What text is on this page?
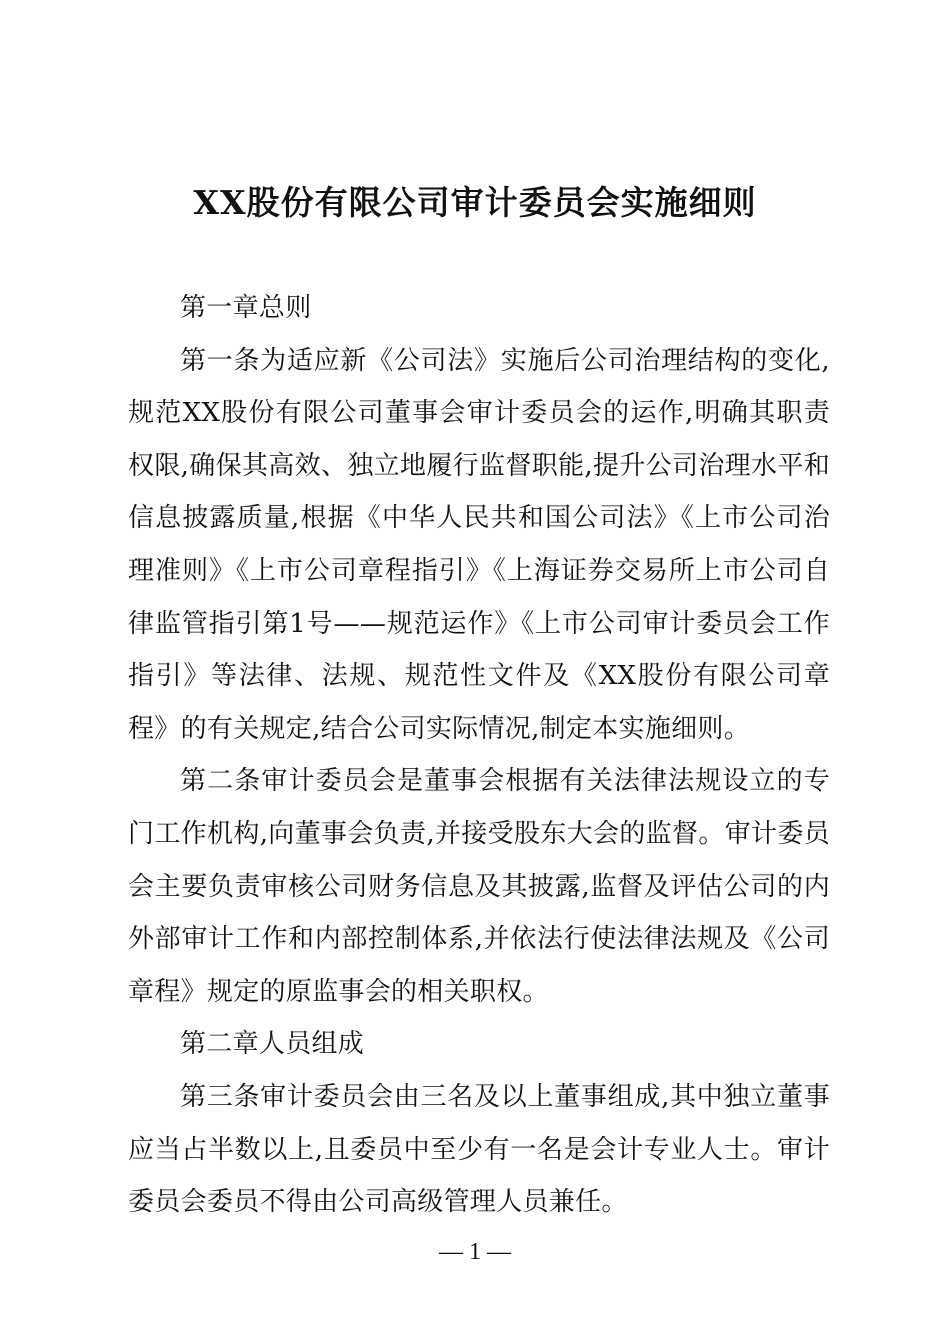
XX股份有限公司审计委员会实施细则

第一章总则

第一条为适应新《公司法》实施后公司治理结构的变化,规范XX股份有限公司董事会审计委员会的运作,明确其职责权限,确保其高效、独立地履行监督职能,提升公司治理水平和信息披露质量,根据《中华人民共和国公司法》《上市公司治理准则》《上市公司章程指引》《上海证券交易所上市公司自律监管指引第1号——规范运作》《上市公司审计委员会工作指引》等法律、法规、规范性文件及《XX股份有限公司章程》的有关规定,结合公司实际情况,制定本实施细则。

第二条审计委员会是董事会根据有关法律法规设立的专门工作机构,向董事会负责,并接受股东大会的监督。审计委员会主要负责审核公司财务信息及其披露,监督及评估公司的内外部审计工作和内部控制体系,并依法行使法律法规及《公司章程》规定的原监事会的相关职权。

第二章人员组成

第三条审计委员会由三名及以上董事组成,其中独立董事应当占半数以上,且委员中至少有一名是会计专业人士。审计委员会委员不得由公司高级管理人员兼任。

— 1 —
